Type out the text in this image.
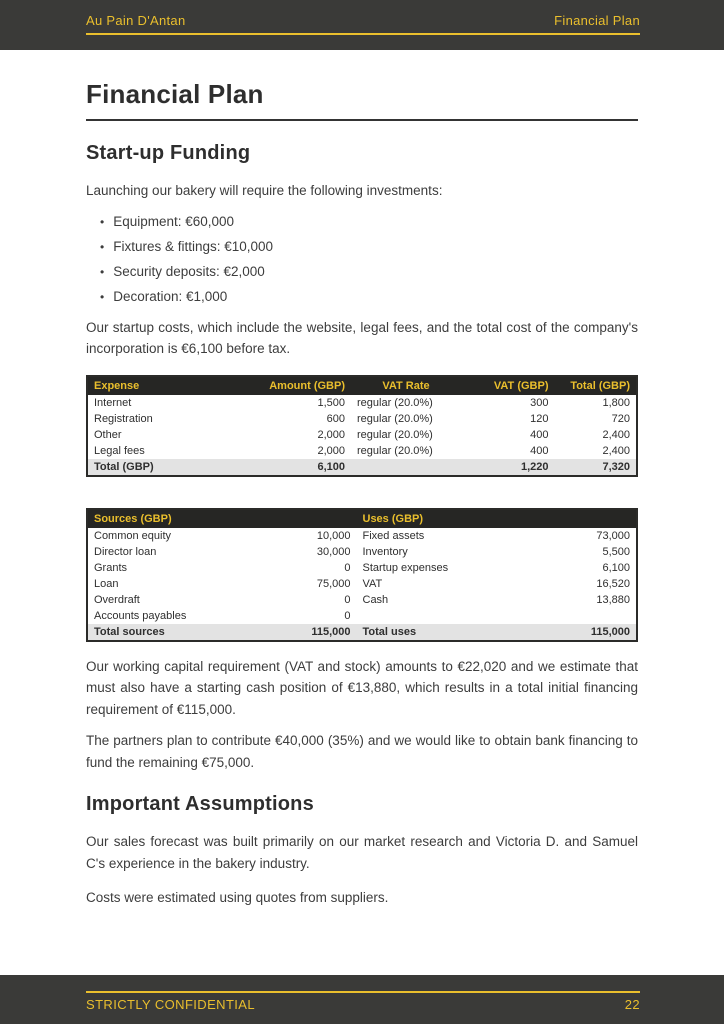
Au Pain D'Antan	Financial Plan
Financial Plan
Start-up Funding

Launching our bakery will require the following investments:

• Equipment: €60,000
• Fixtures & fittings: €10,000
• Security deposits: €2,000
• Decoration: €1,000

Our startup costs, which include the website, legal fees, and the total cost of the company's incorporation is €6,100 before tax.

Expense	Amount (GBP)	VAT Rate	VAT (GBP)	Total (GBP)
Internet	1,500	regular (20.0%)	300	1,800
Registration	600	regular (20.0%)	120	720
Other	2,000	regular (20.0%)	400	2,400
Legal fees	2,000	regular (20.0%)	400	2,400
Total (GBP)	6,100		1,220	7,320
Sources (GBP)		Uses (GBP)	
Common equity	10,000	Fixed assets	73,000
Director loan	30,000	Inventory	5,500
Grants	0	Startup expenses	6,100
Loan	75,000	VAT	16,520
Overdraft	0	Cash	13,880
Accounts payables	0		
Total sources	115,000	Total uses	115,000

Our working capital requirement (VAT and stock) amounts to €22,020 and we estimate that must also have a starting cash position of €13,880, which results in a total initial financing requirement of €115,000.

The partners plan to contribute €40,000 (35%) and we would like to obtain bank financing to fund the remaining €75,000.

Important Assumptions

Our sales forecast was built primarily on our market research and Victoria D. and Samuel C's experience in the bakery industry.

Costs were estimated using quotes from suppliers.

STRICTLY CONFIDENTIAL	22
